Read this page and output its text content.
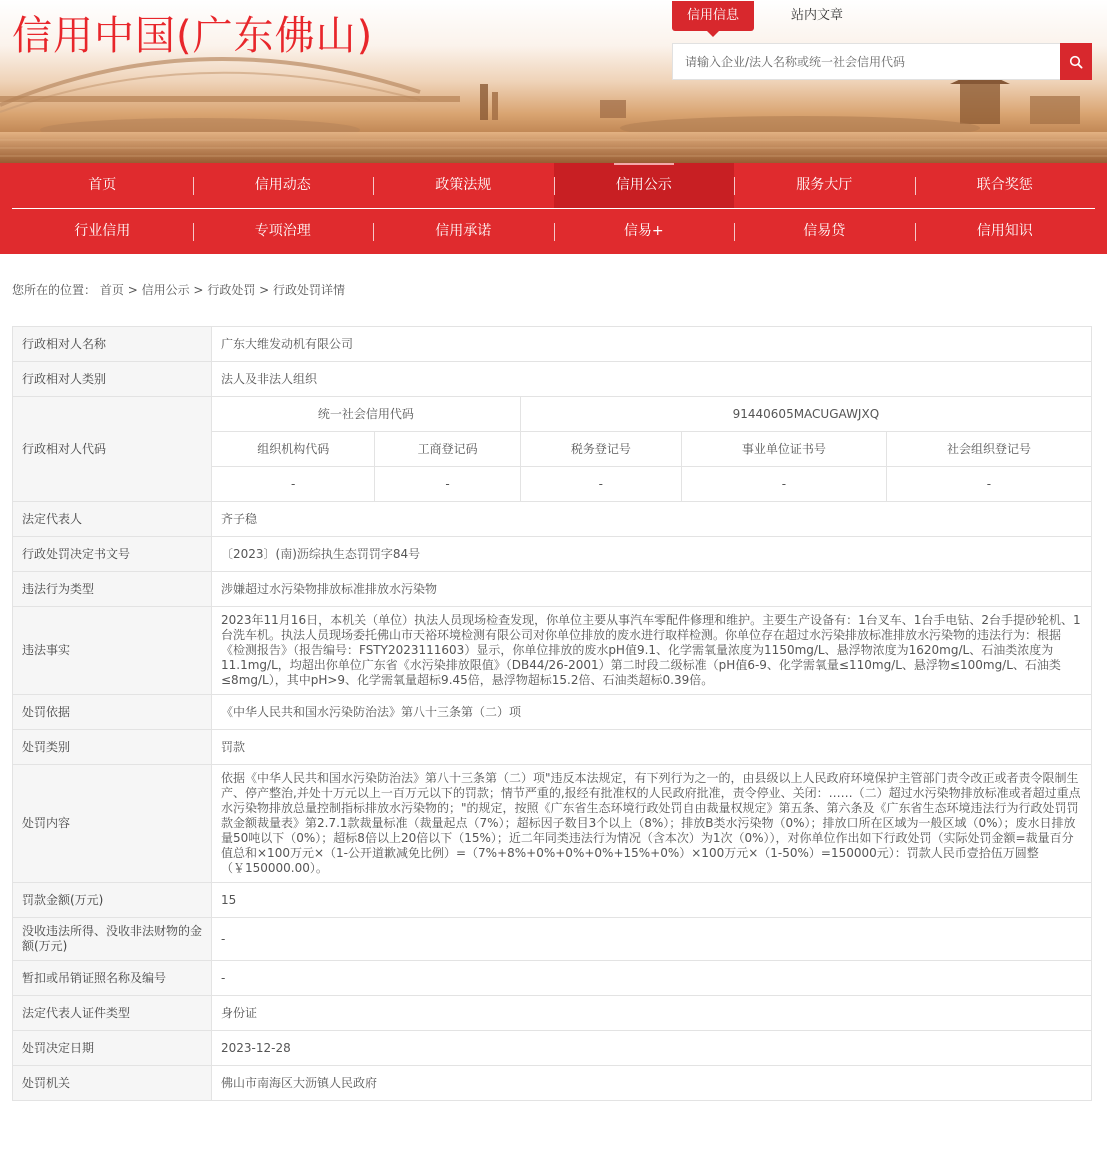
信用中国(广东佛山)	信用信息	站内文章
请输入企业/法人名称或统一社会信用代码
首页	信用动态	政策法规	信用公示	服务大厅	联合奖惩
行业信用	专项治理	信用承诺	信易+	信易贷	信用知识
您所在的位置： 首页 > 信用公示 > 行政处罚 > 行政处罚详情
行政相对人名称	广东大维发动机有限公司				
行政相对人类别	法人及非法人组织				
行政相对人代码	统一社会信用代码		91440605MACUGAWJXQ		
	组织机构代码	工商登记码	税务登记号	事业单位证书号	社会组织登记号
	-	-	-	-	-
法定代表人	齐子稳				
行政处罚决定书文号	〔2023〕(南)沥综执生态罚罚字84号				
违法行为类型	涉嫌超过水污染物排放标准排放水污染物				
违法事实	2023年11月16日，本机关（单位）执法人员现场检查发现，你单位主要从事汽车零配件修理和维护。主要生产设备有：1台叉车、1台手电钻、2台手提砂轮机、1台洗车机。执法人员现场委托佛山市天裕环境检测有限公司对你单位排放的废水进行取样检测。你单位存在超过水污染排放标准排放水污染物的违法行为：根据《检测报告》（报告编号：FSTY2023111603）显示，你单位排放的废水pH值9.1、化学需氧量浓度为1150mg/L、悬浮物浓度为1620mg/L、石油类浓度为11.1mg/L，均超出你单位广东省《水污染排放限值》（DB44/26-2001）第二时段二级标准（pH值6-9、化学需氧量≤110mg/L、悬浮物≤100mg/L、石油类≤8mg/L），其中pH>9、化学需氧量超标9.45倍，悬浮物超标15.2倍、石油类超标0.39倍。				
处罚依据	《中华人民共和国水污染防治法》第八十三条第（二）项				
处罚类别	罚款				
处罚内容	依据《中华人民共和国水污染防治法》第八十三条第（二）项"违反本法规定，有下列行为之一的，由县级以上人民政府环境保护主管部门责令改正或者责令限制生产、停产整治,并处十万元以上一百万元以下的罚款；情节严重的,报经有批准权的人民政府批准，责令停业、关闭：……（二）超过水污染物排放标准或者超过重点水污染物排放总量控制指标排放水污染物的；"的规定，按照《广东省生态环境行政处罚自由裁量权规定》第五条、第六条及《广东省生态环境违法行为行政处罚罚款金额裁量表》第2.7.1款裁量标准（裁量起点（7%）；超标因子数目3个以上（8%）；排放B类水污染物（0%）；排放口所在区域为一般区域（0%）；废水日排放量50吨以下（0%）；超标8倍以上20倍以下（15%）；近二年同类违法行为情况（含本次）为1次（0%）），对你单位作出如下行政处罚（实际处罚金额=裁量百分值总和×100万元×（1-公开道歉减免比例）=（7%+8%+0%+0%+0%+15%+0%）×100万元×（1-50%）=150000元）：罚款人民币壹拾伍万圆整（￥150000.00）。				
罚款金额(万元)	15				
没收违法所得、没收非法财物的金额(万元)	-				
暂扣或吊销证照名称及编号	-				
法定代表人证件类型	身份证				
处罚决定日期	2023-12-28				
处罚机关	佛山市南海区大沥镇人民政府				
